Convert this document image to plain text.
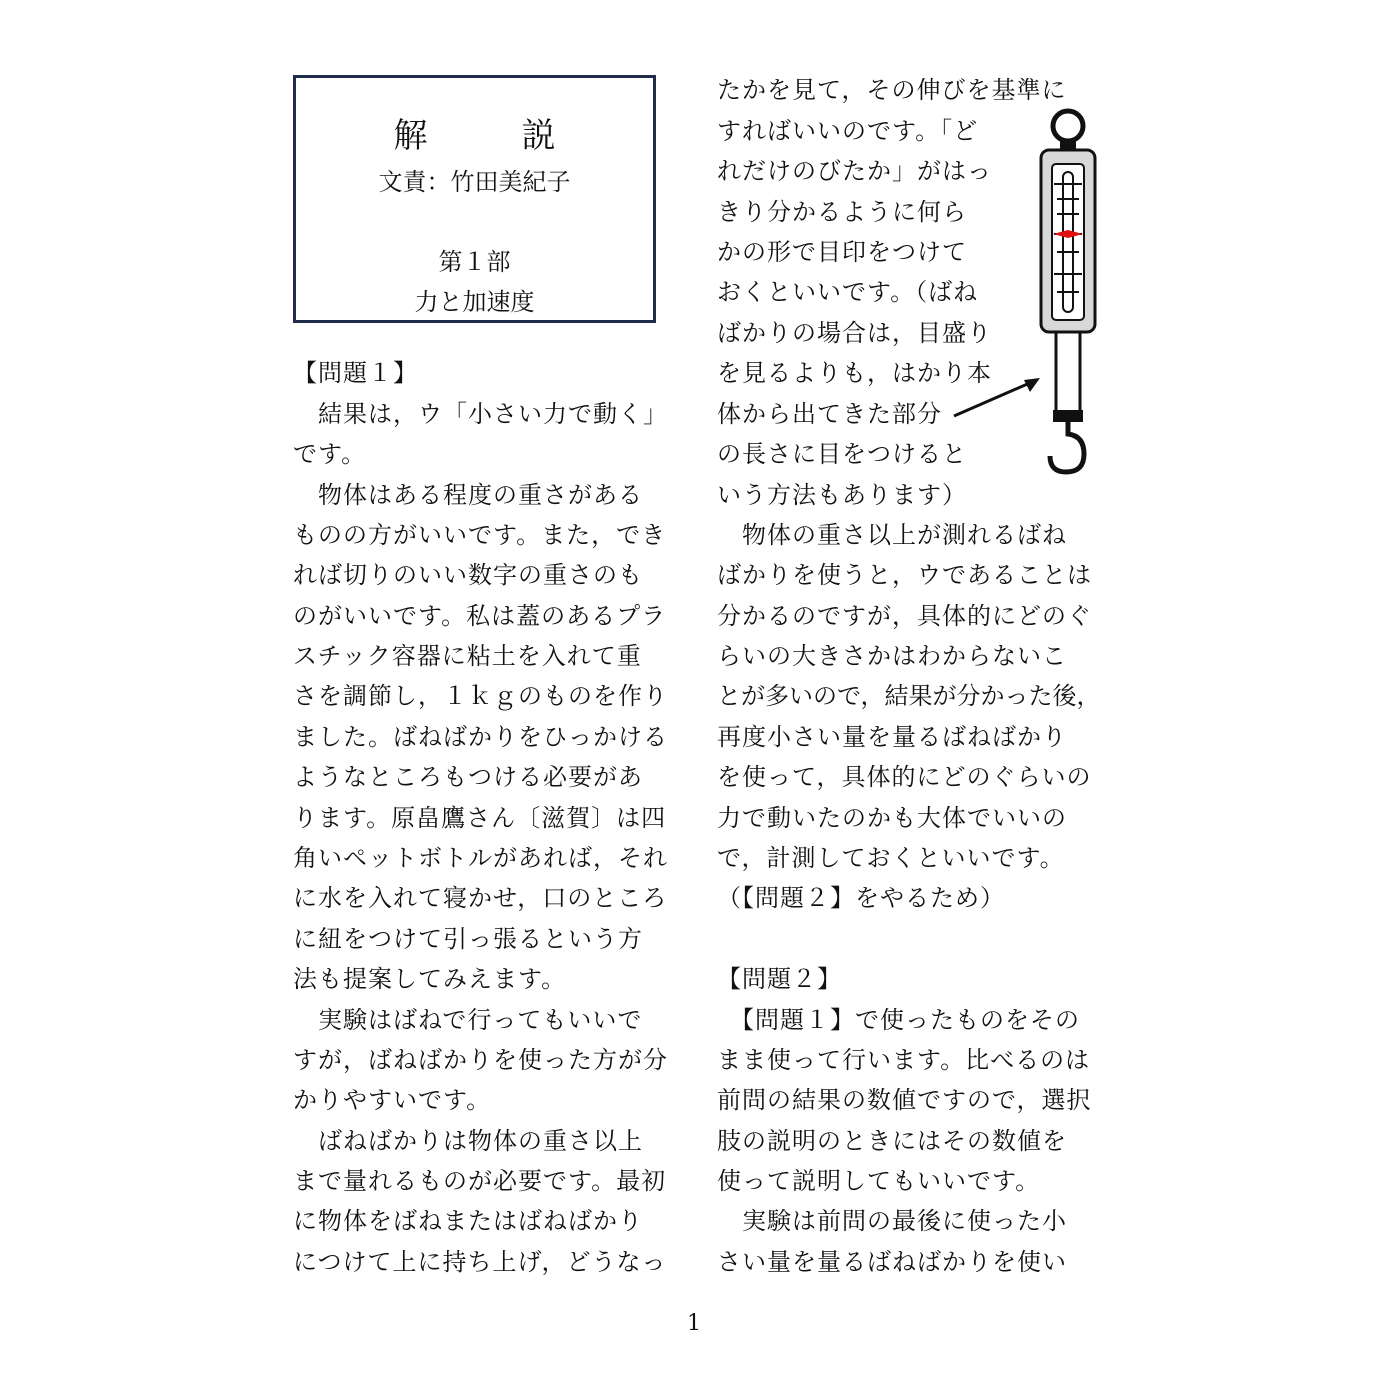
解　説
文責：竹田美紀子
第１部
力と加速度
【問題１】
　結果は，ウ「小さい力で動く」
です。
　物体はある程度の重さがある
ものの方がいいです。また，でき
れば切りのいい数字の重さのも
のがいいです。私は蓋のあるプラ
スチック容器に粘土を入れて重
さを調節し，１ｋｇのものを作り
ました。ばねばかりをひっかける
ようなところもつける必要があ
ります。原畠鷹さん〔滋賀〕は四
角いペットボトルがあれば，それ
に水を入れて寝かせ，口のところ
に紐をつけて引っ張るという方
法も提案してみえます。
　実験はばねで行ってもいいで
すが，ばねばかりを使った方が分
かりやすいです。
　ばねばかりは物体の重さ以上
まで量れるものが必要です。最初
に物体をばねまたはばねばかり
につけて上に持ち上げ，どうなっ
たかを見て，その伸びを基準に
すればいいのです。「ど
れだけのびたか」がはっ
きり分かるように何ら
かの形で目印をつけて
おくといいです。（ばね
ばかりの場合は，目盛り
を見るよりも，はかり本
体から出てきた部分
の長さに目をつけると
いう方法もあります）
　物体の重さ以上が測れるばね
ばかりを使うと，ウであることは
分かるのですが，具体的にどのぐ
らいの大きさかはわからないこ
とが多いので，結果が分かった後，
再度小さい量を量るばねばかり
を使って，具体的にどのぐらいの
力で動いたのかも大体でいいの
で，計測しておくといいです。
（【問題２】をやるため）
【問題２】
　【問題１】で使ったものをその
まま使って行います。比べるのは
前問の結果の数値ですので，選択
肢の説明のときにはその数値を
使って説明してもいいです。
　実験は前問の最後に使った小
さい量を量るばねばかりを使い
1
